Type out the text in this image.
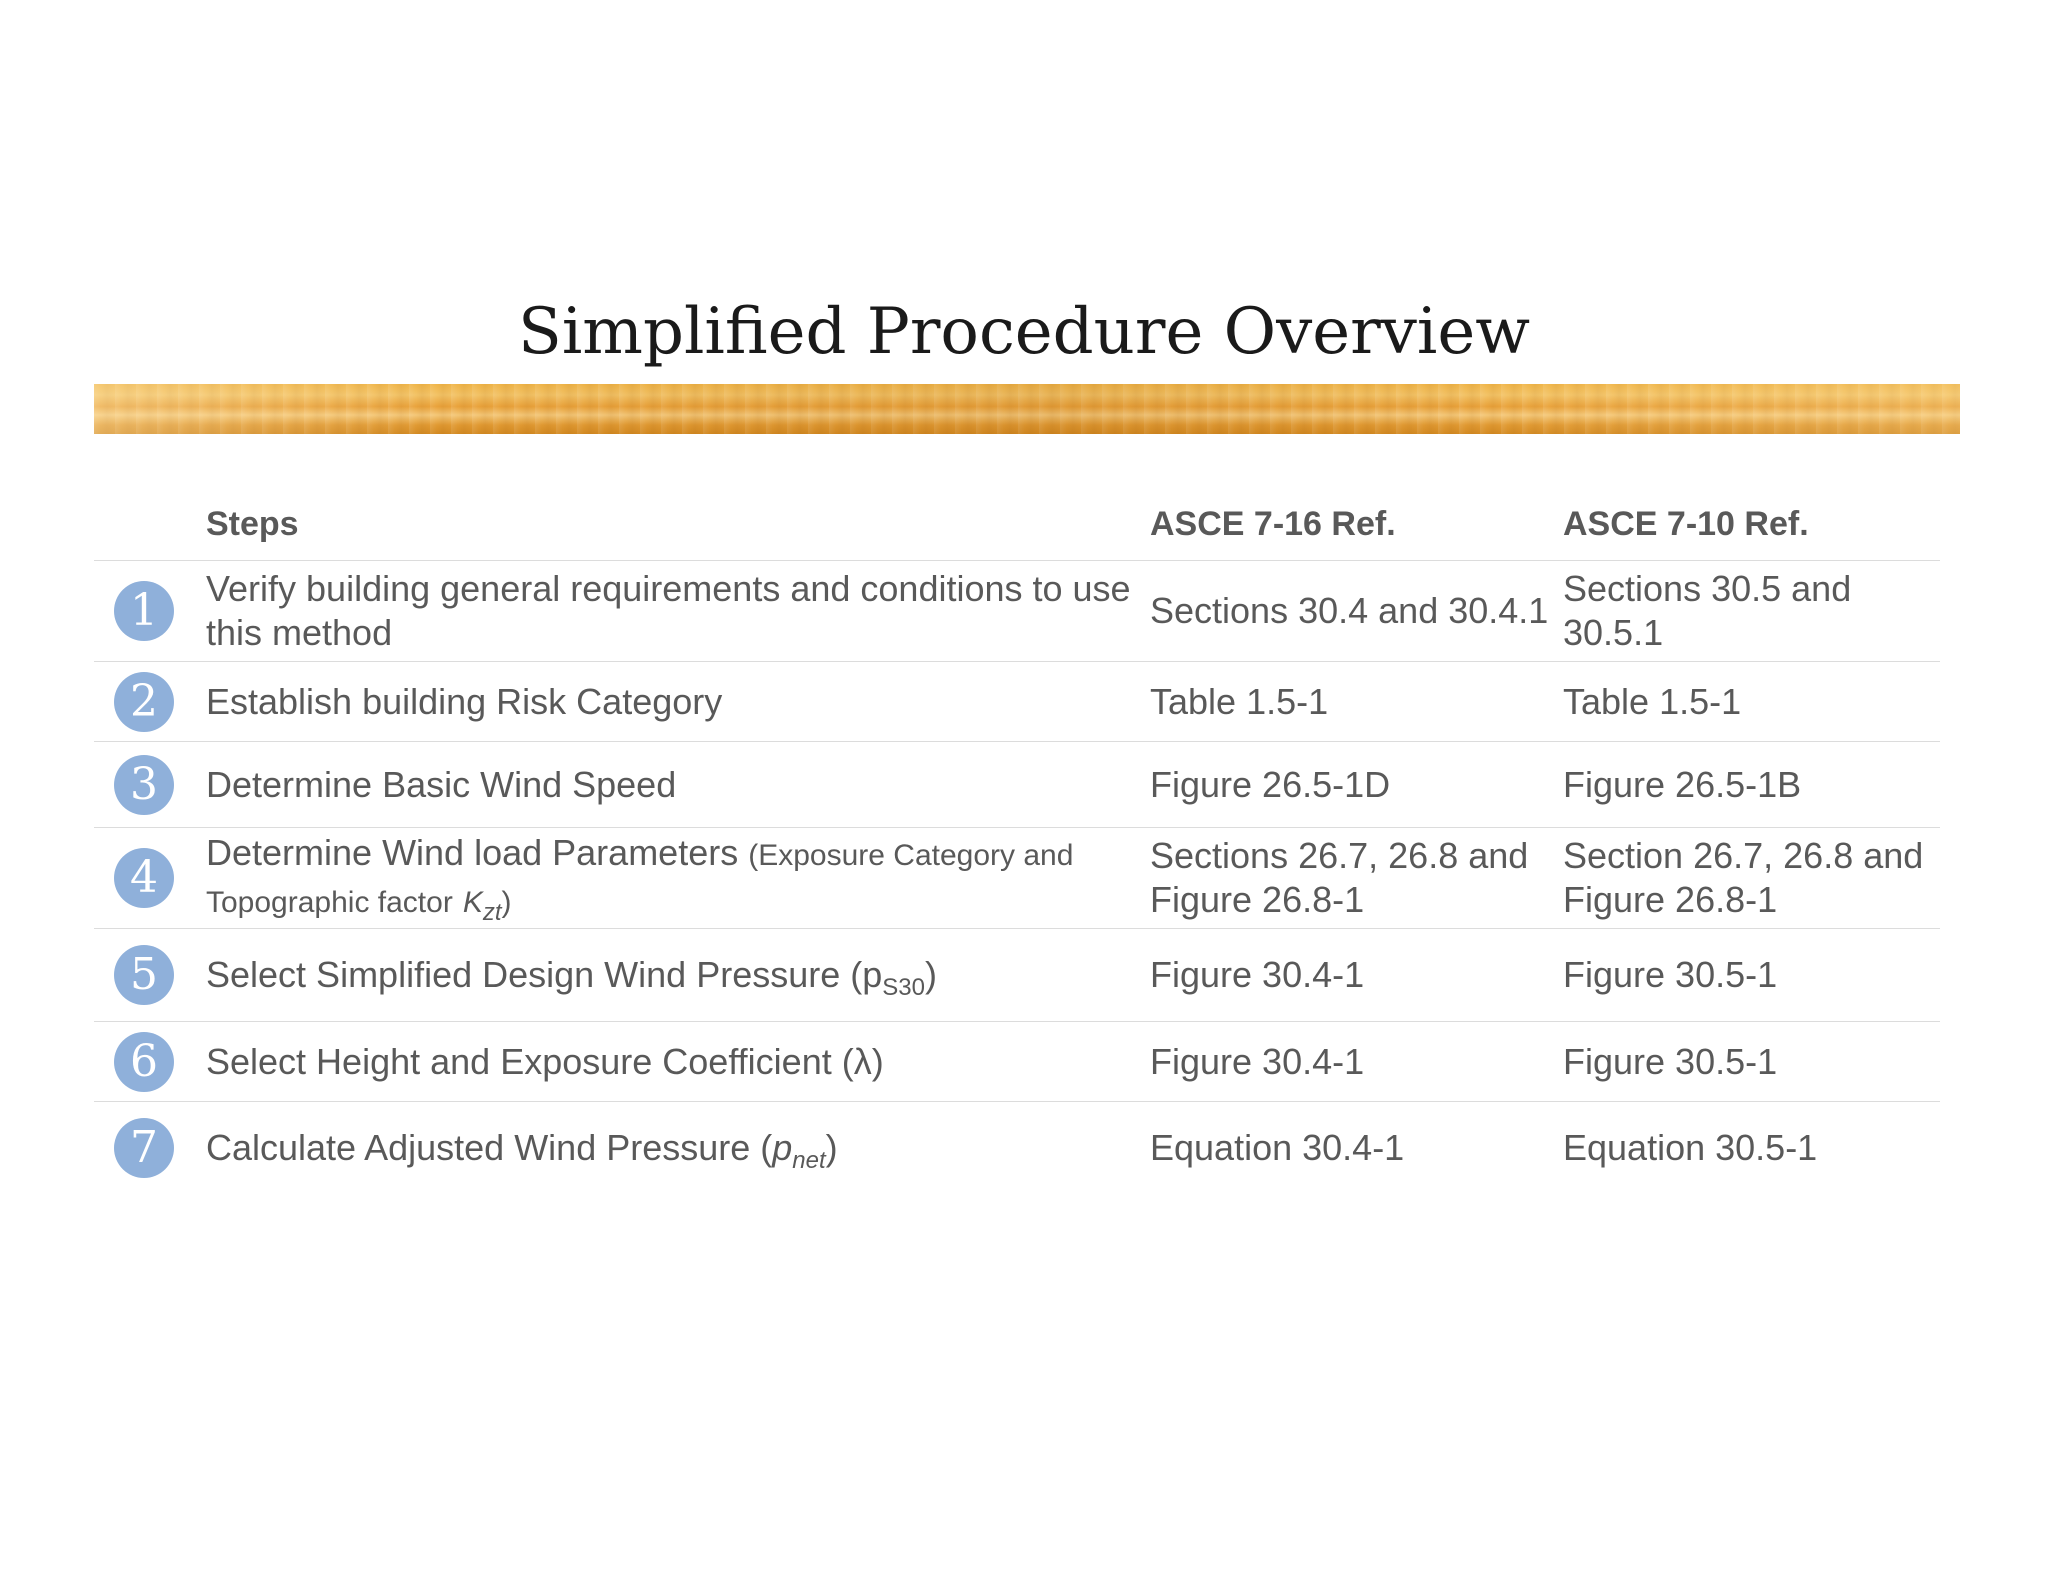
Simplified Procedure Overview
	Steps	ASCE 7-16 Ref.	ASCE 7-10 Ref.

1	Verify building general requirements and conditions to use this method	Sections 30.4 and 30.4.1	Sections 30.5 and 30.5.1

2	Establish building Risk Category	Table 1.5-1	Table 1.5-1

3	Determine Basic Wind Speed	Figure 26.5-1D	Figure 26.5-1B

4	Determine Wind load Parameters (Exposure Category and Topographic factor $K_{zt}$)	Sections 26.7, 26.8 and Figure 26.8-1	Section 26.7, 26.8 and Figure 26.8-1

5	Select Simplified Design Wind Pressure $(p_{S30})$	Figure 30.4-1	Figure 30.5-1

6	Select Height and Exposure Coefficient (λ)	Figure 30.4-1	Figure 30.5-1

7	Calculate Adjusted Wind Pressure $(p_{net})$	Equation 30.4-1	Equation 30.5-1
